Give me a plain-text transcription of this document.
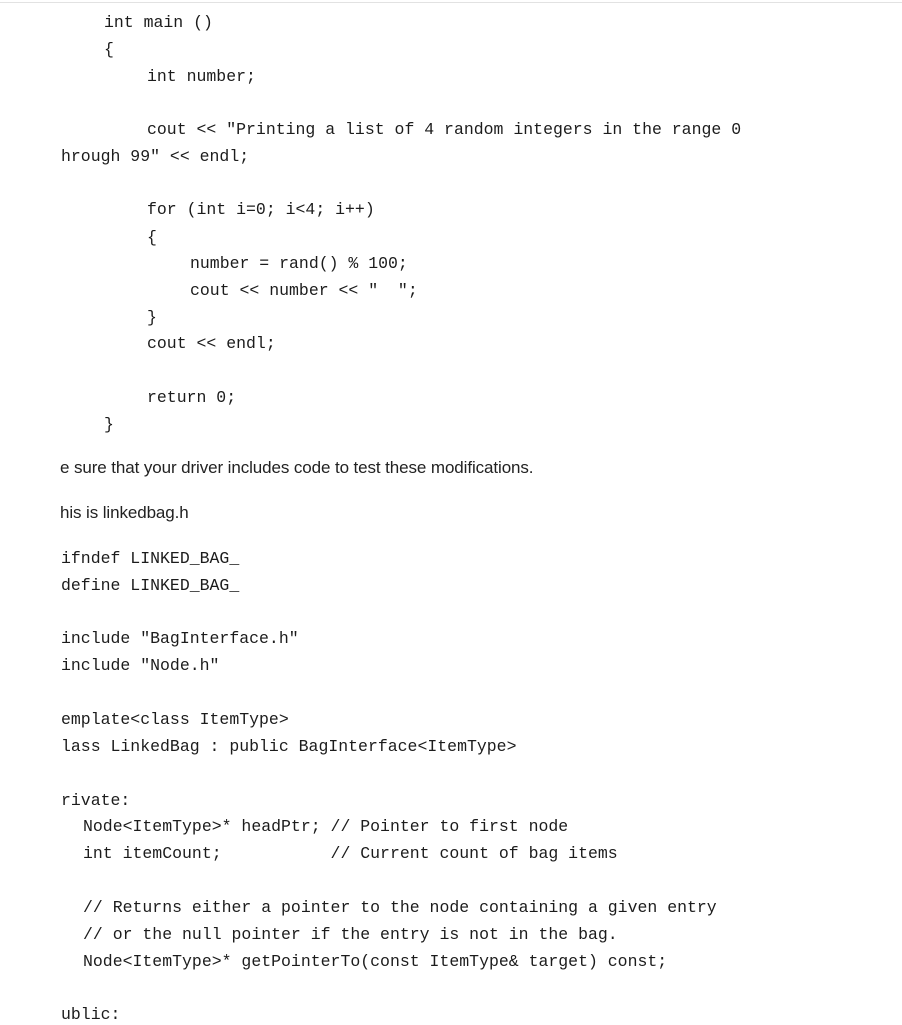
int main ()
{
int number;
cout << "Printing a list of 4 random integers in the range 0
hrough 99" << endl;
for (int i=0; i<4; i++)
{
number = rand() % 100;
cout << number << "  ";
}
cout << endl;
return 0;
}
e sure that your driver includes code to test these modifications.
his is linkedbag.h
ifndef LINKED_BAG_
define LINKED_BAG_
include "BagInterface.h"
include "Node.h"
emplate<class ItemType>
lass LinkedBag : public BagInterface<ItemType>
rivate:
Node<ItemType>* headPtr; // Pointer to first node
int itemCount;           // Current count of bag items
// Returns either a pointer to the node containing a given entry
// or the null pointer if the entry is not in the bag.
Node<ItemType>* getPointerTo(const ItemType& target) const;
ublic:
